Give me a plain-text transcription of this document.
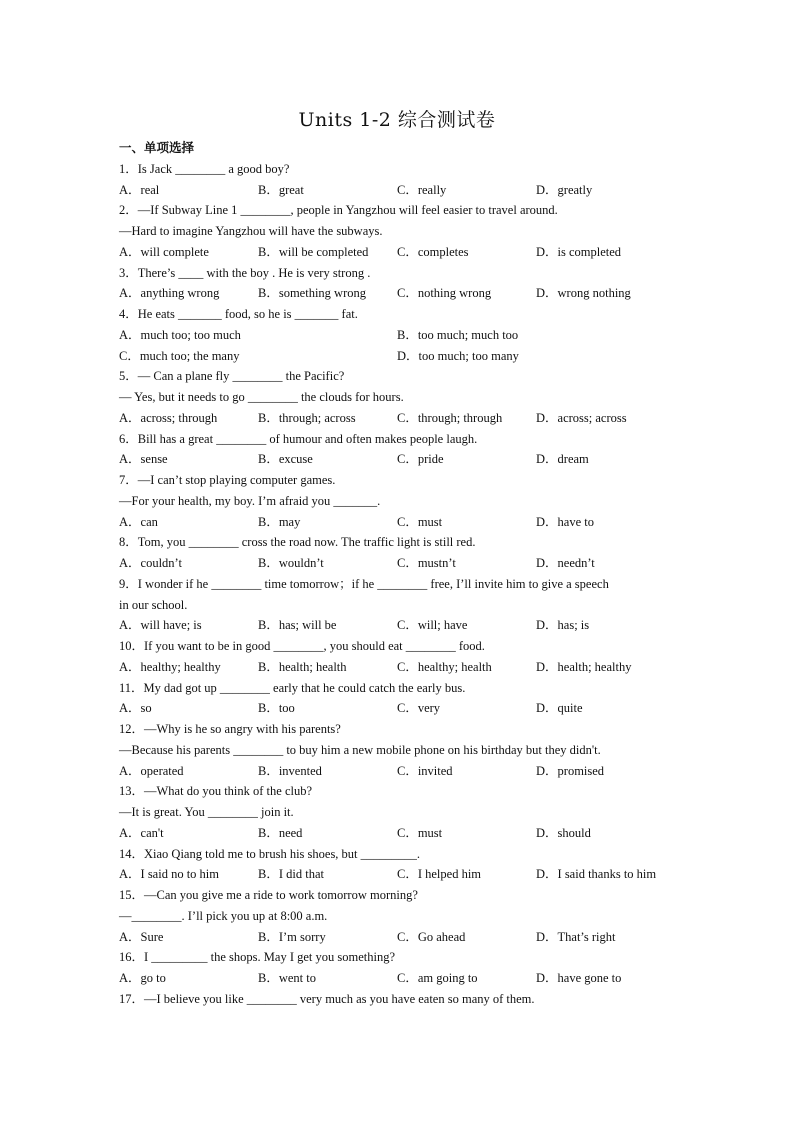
Units 1-2 综合测试卷
一、单项选择
1．Is Jack ________ a good boy?
A．real	B．great	C．really	D．greatly
2．—If Subway Line 1 ________, people in Yangzhou will feel easier to travel around.
—Hard to imagine Yangzhou will have the subways.
A．will complete	B．will be completed	C．completes	D．is completed
3．There’s ____ with the boy . He is very strong .
A．anything wrong	B．something wrong	C．nothing wrong	D．wrong nothing
4．He eats _______ food, so he is _______ fat.
A．much too; too much	B．too much; much too
C．much too; the many	D．too much; too many
5．— Can a plane fly ________ the Pacific?
— Yes, but it needs to go ________ the clouds for hours.
A．across; through	B．through; across	C．through; through	D．across; across
6．Bill has a great ________ of humour and often makes people laugh.
A．sense	B．excuse	C．pride	D．dream
7．—I can’t stop playing computer games.
—For your health, my boy. I’m afraid you _______.
A．can	B．may	C．must	D．have to
8．Tom, you ________ cross the road now. The traffic light is still red.
A．couldn’t	B．wouldn’t	C．mustn’t	D．needn’t
9．I wonder if he ________ time tomorrow；if he ________ free, I’ll invite him to give a speech
in our school.
A．will have; is	B．has; will be	C．will; have	D．has; is
10．If you want to be in good ________, you should eat ________ food.
A．healthy; healthy	B．health; health	C．healthy; health	D．health; healthy
11．My dad got up ________ early that he could catch the early bus.
A．so	B．too	C．very	D．quite
12．—Why is he so angry with his parents?
—Because his parents ________ to buy him a new mobile phone on his birthday but they didn't.
A．operated	B．invented	C．invited	D．promised
13．—What do you think of the club?
—It is great. You ________ join it.
A．can't	B．need	C．must	D．should
14．Xiao Qiang told me to brush his shoes, but _________.
A．I said no to him	B．I did that	C．I helped him	D．I said thanks to him
15．—Can you give me a ride to work tomorrow morning?
—________. I’ll pick you up at 8:00 a.m.
A．Sure	B．I’m sorry	C．Go ahead	D．That’s right
16．I _________ the shops. May I get you something?
A．go to	B．went to	C．am going to	D．have gone to
17．—I believe you like ________ very much as you have eaten so many of them.
